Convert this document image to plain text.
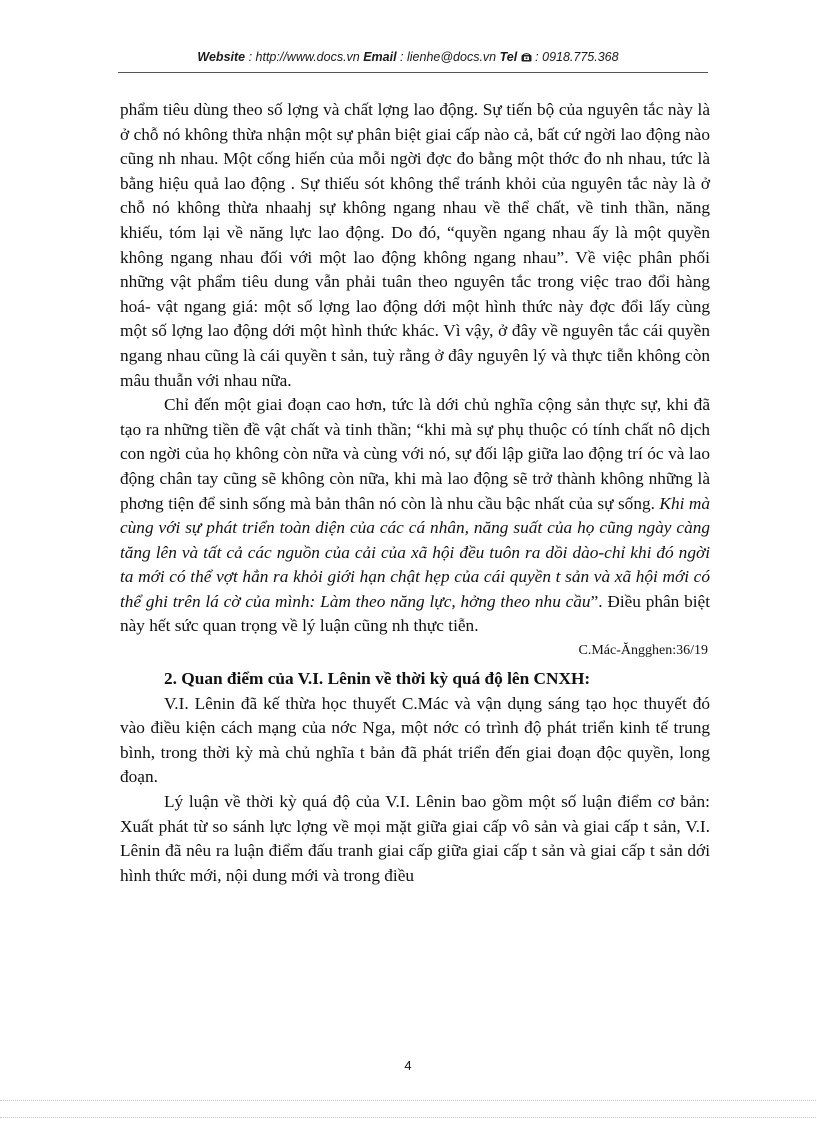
Website : http://www.docs.vn Email : lienhe@docs.vn Tel  : 0918.775.368

phẩm tiêu dùng theo số lợng và chất lợng lao động. Sự tiến bộ của nguyên tắc này là ở chỗ nó không thừa nhận một sự phân biệt giai cấp nào cả, bất cứ ngời lao động nào cũng nh nhau. Một cống hiến của mỗi ngời đợc đo bằng một thớc đo nh nhau, tức là bằng hiệu quả lao động . Sự thiếu sót không thể tránh khỏi của nguyên tắc này là ở chỗ nó không thừa nhaahj sự không ngang nhau về thể chất, về tinh thần, năng khiếu, tóm lại về năng lực lao động. Do đó, “quyền ngang nhau ấy là một quyền không ngang nhau đối với một lao động không ngang nhau”. Về việc phân phối những vật phẩm tiêu dung vẫn phải tuân theo nguyên tắc trong việc trao đổi hàng hoá- vật ngang giá: một số lợng lao động dới một hình thức này đợc đổi lấy cùng một số lợng lao động dới một hình thức khác. Vì vậy, ở đây về nguyên tắc cái quyền ngang nhau cũng là cái quyền t sản, tuỳ rằng ở đây nguyên lý và thực tiễn không còn mâu thuẫn với nhau nữa.

Chỉ đến một giai đoạn cao hơn, tức là dới chủ nghĩa cộng sản thực sự, khi đã tạo ra những tiền đề vật chất và tinh thần; “khi mà sự phụ thuộc có tính chất nô dịch con ngời của họ không còn nữa và cùng với nó, sự đối lập giữa lao động trí óc và lao động chân tay cũng sẽ không còn nữa, khi mà lao động sẽ trở thành không những là phơng tiện để sinh sống mà bản thân nó còn là nhu cầu bậc nhất của sự sống. Khi mà cùng với sự phát triển toàn diện của các cá nhân, năng suất của họ cũng ngày càng tăng lên và tất cả các nguồn của cải của xã hội đều tuôn ra dồi dào-chỉ khi đó ngời ta mới có thể vợt hẳn ra khỏi giới hạn chật hẹp của cái quyền t sản và xã hội mới có thể ghi trên lá cờ của mình: Làm theo năng lực, hởng theo nhu cầu”. Điều phân biệt này hết sức quan trọng về lý luận cũng nh thực tiễn.

C.Mác-Ăngghen:36/19

2. Quan điểm của V.I. Lênin về thời kỳ quá độ lên CNXH:

V.I. Lênin đã kế thừa học thuyết C.Mác và vận dụng sáng tạo học thuyết đó vào điều kiện cách mạng của nớc Nga, một nớc có trình độ phát triển kinh tế trung bình, trong thời kỳ mà chủ nghĩa t bản đã phát triển đến giai đoạn độc quyền, long đoạn.

Lý luận về thời kỳ quá độ của V.I. Lênin bao gồm một số luận điểm cơ bản: Xuất phát từ so sánh lực lợng về mọi mặt giữa giai cấp vô sản và giai cấp t sản, V.I. Lênin đã nêu ra luận điểm đấu tranh giai cấp giữa giai cấp t sản và giai cấp t sản dới hình thức mới, nội dung mới và trong điều

4
